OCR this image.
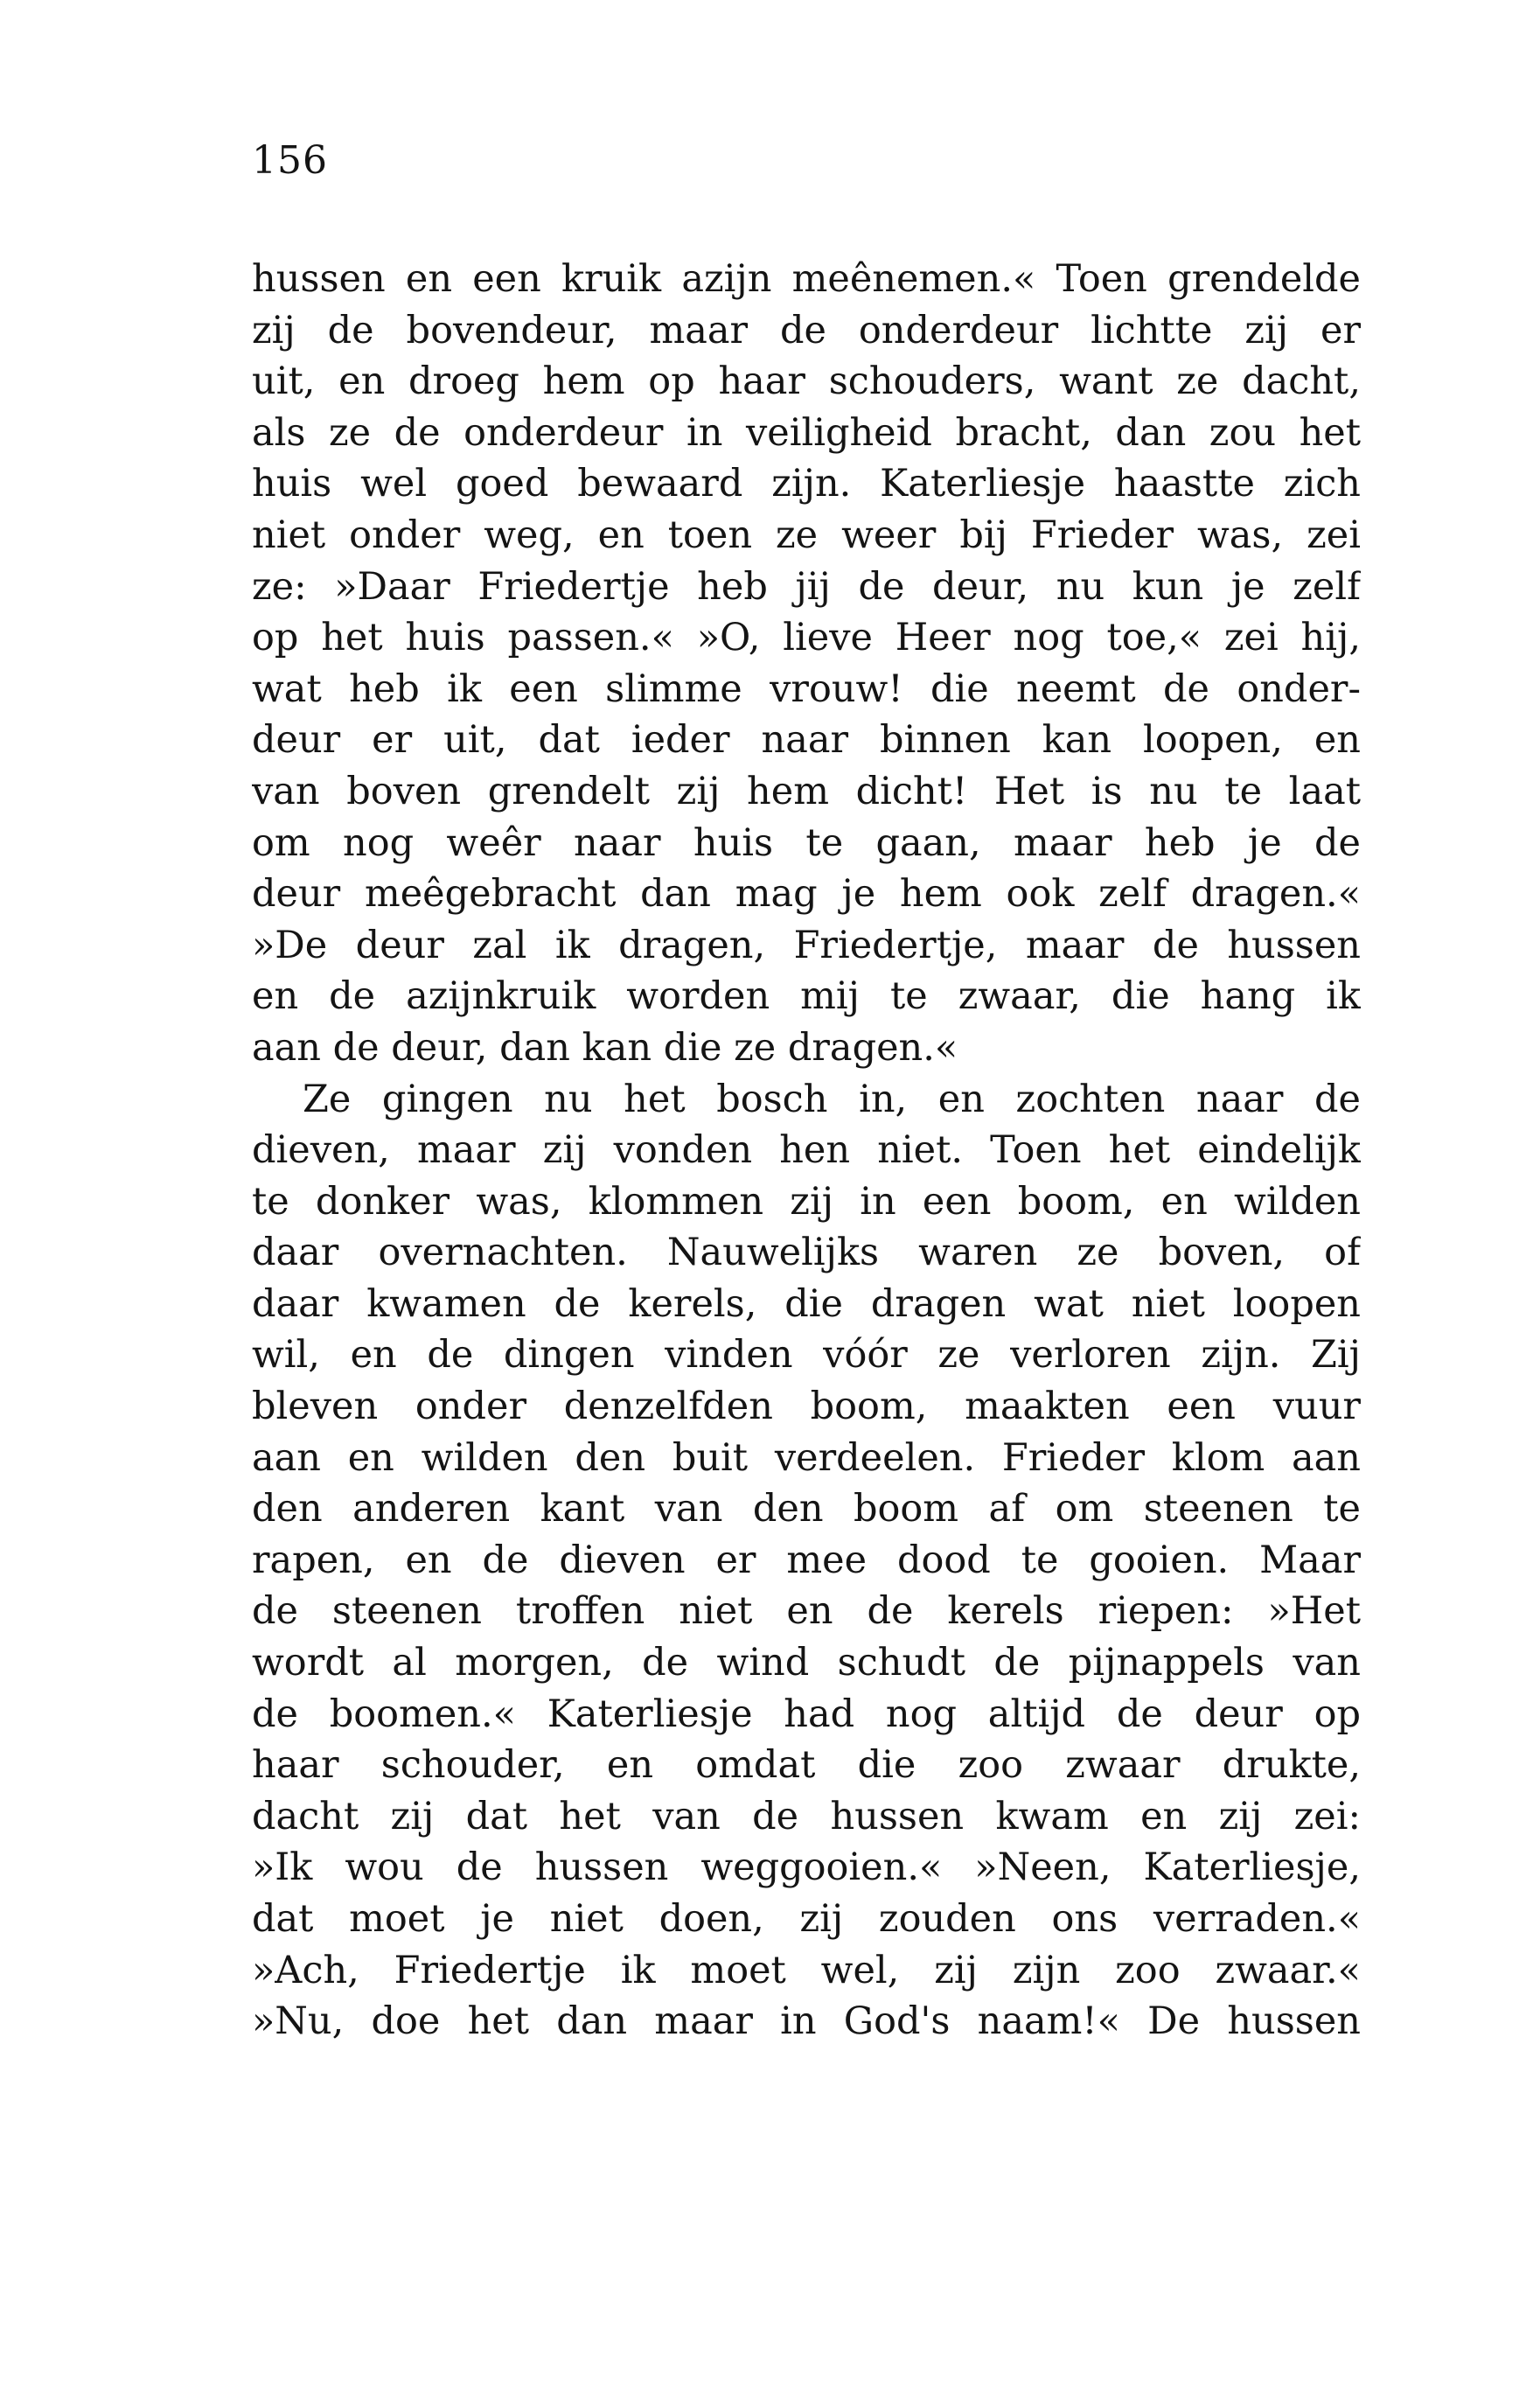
156
hussen en een kruik azijn meênemen.« Toen grendelde
zij de bovendeur, maar de onderdeur lichtte zij er
uit, en droeg hem op haar schouders, want ze dacht,
als ze de onderdeur in veiligheid bracht, dan zou het
huis wel goed bewaard zijn. Katerliesje haastte zich
niet onder weg, en toen ze weer bij Frieder was, zei
ze: »Daar Friedertje heb jij de deur, nu kun je zelf
op het huis passen.« »O, lieve Heer nog toe,« zei hij,
wat heb ik een slimme vrouw! die neemt de onder-
deur er uit, dat ieder naar binnen kan loopen, en
van boven grendelt zij hem dicht! Het is nu te laat
om nog weêr naar huis te gaan, maar heb je de
deur meêgebracht dan mag je hem ook zelf dragen.«
»De deur zal ik dragen, Friedertje, maar de hussen
en de azijnkruik worden mij te zwaar, die hang ik
aan de deur, dan kan die ze dragen.«
Ze gingen nu het bosch in, en zochten naar de
dieven, maar zij vonden hen niet. Toen het eindelijk
te donker was, klommen zij in een boom, en wilden
daar overnachten. Nauwelijks waren ze boven, of
daar kwamen de kerels, die dragen wat niet loopen
wil, en de dingen vinden vóór ze verloren zijn. Zij
bleven onder denzelfden boom, maakten een vuur
aan en wilden den buit verdeelen. Frieder klom aan
den anderen kant van den boom af om steenen te
rapen, en de dieven er mee dood te gooien. Maar
de steenen troffen niet en de kerels riepen: »Het
wordt al morgen, de wind schudt de pijnappels van
de boomen.« Katerliesje had nog altijd de deur op
haar schouder, en omdat die zoo zwaar drukte,
dacht zij dat het van de hussen kwam en zij zei:
»Ik wou de hussen weggooien.« »Neen, Katerliesje,
dat moet je niet doen, zij zouden ons verraden.«
»Ach, Friedertje ik moet wel, zij zijn zoo zwaar.«
»Nu, doe het dan maar in God's naam!« De hussen
